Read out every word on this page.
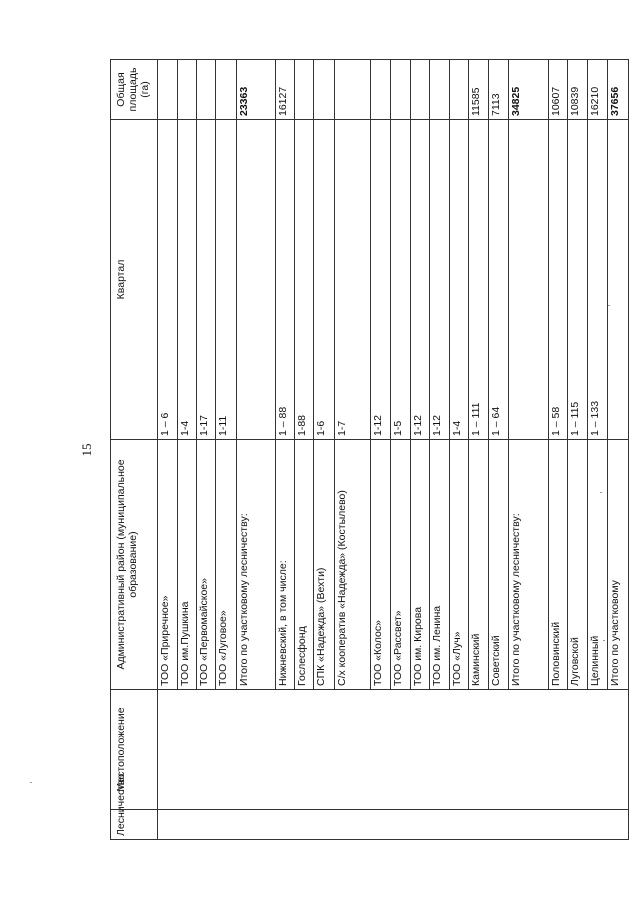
15
Лесничество	Местоположение	Административный район (муниципальное образование)	Квартал	Общая площадь (га)
		ТОО «Приречное»	1 – 6	
		ТОО им.Пушкина	1-4	
		ТОО «Первомайское»	1-17	
		ТОО «Луговое»	1-11	
		Итого по участковому лесничеству:		23363
		Нижневский, в том числе:	1 – 88	16127
		Гослесфонд	1-88	
		СПК «Надежда» (Вехти)	1-6	
		С/х кооператив «Надежда» (Костылево)	1-7	
		ТОО «Колос»	1-12	
		ТОО «Рассвет»	1-5	
		ТОО им. Кирова	1-12	
		ТОО им. Ленина	1-12	
		ТОО «Луч»	1-4	
		Каминский	1 – 111	11585
		Советский	1 – 64	7113
		Итого по участковому лесничеству:		34825
		Половинский	1 – 58	10607
		Луговской	1 – 115	10839
		Целинный	1 – 133	16210
		Итого по участковому		37656
